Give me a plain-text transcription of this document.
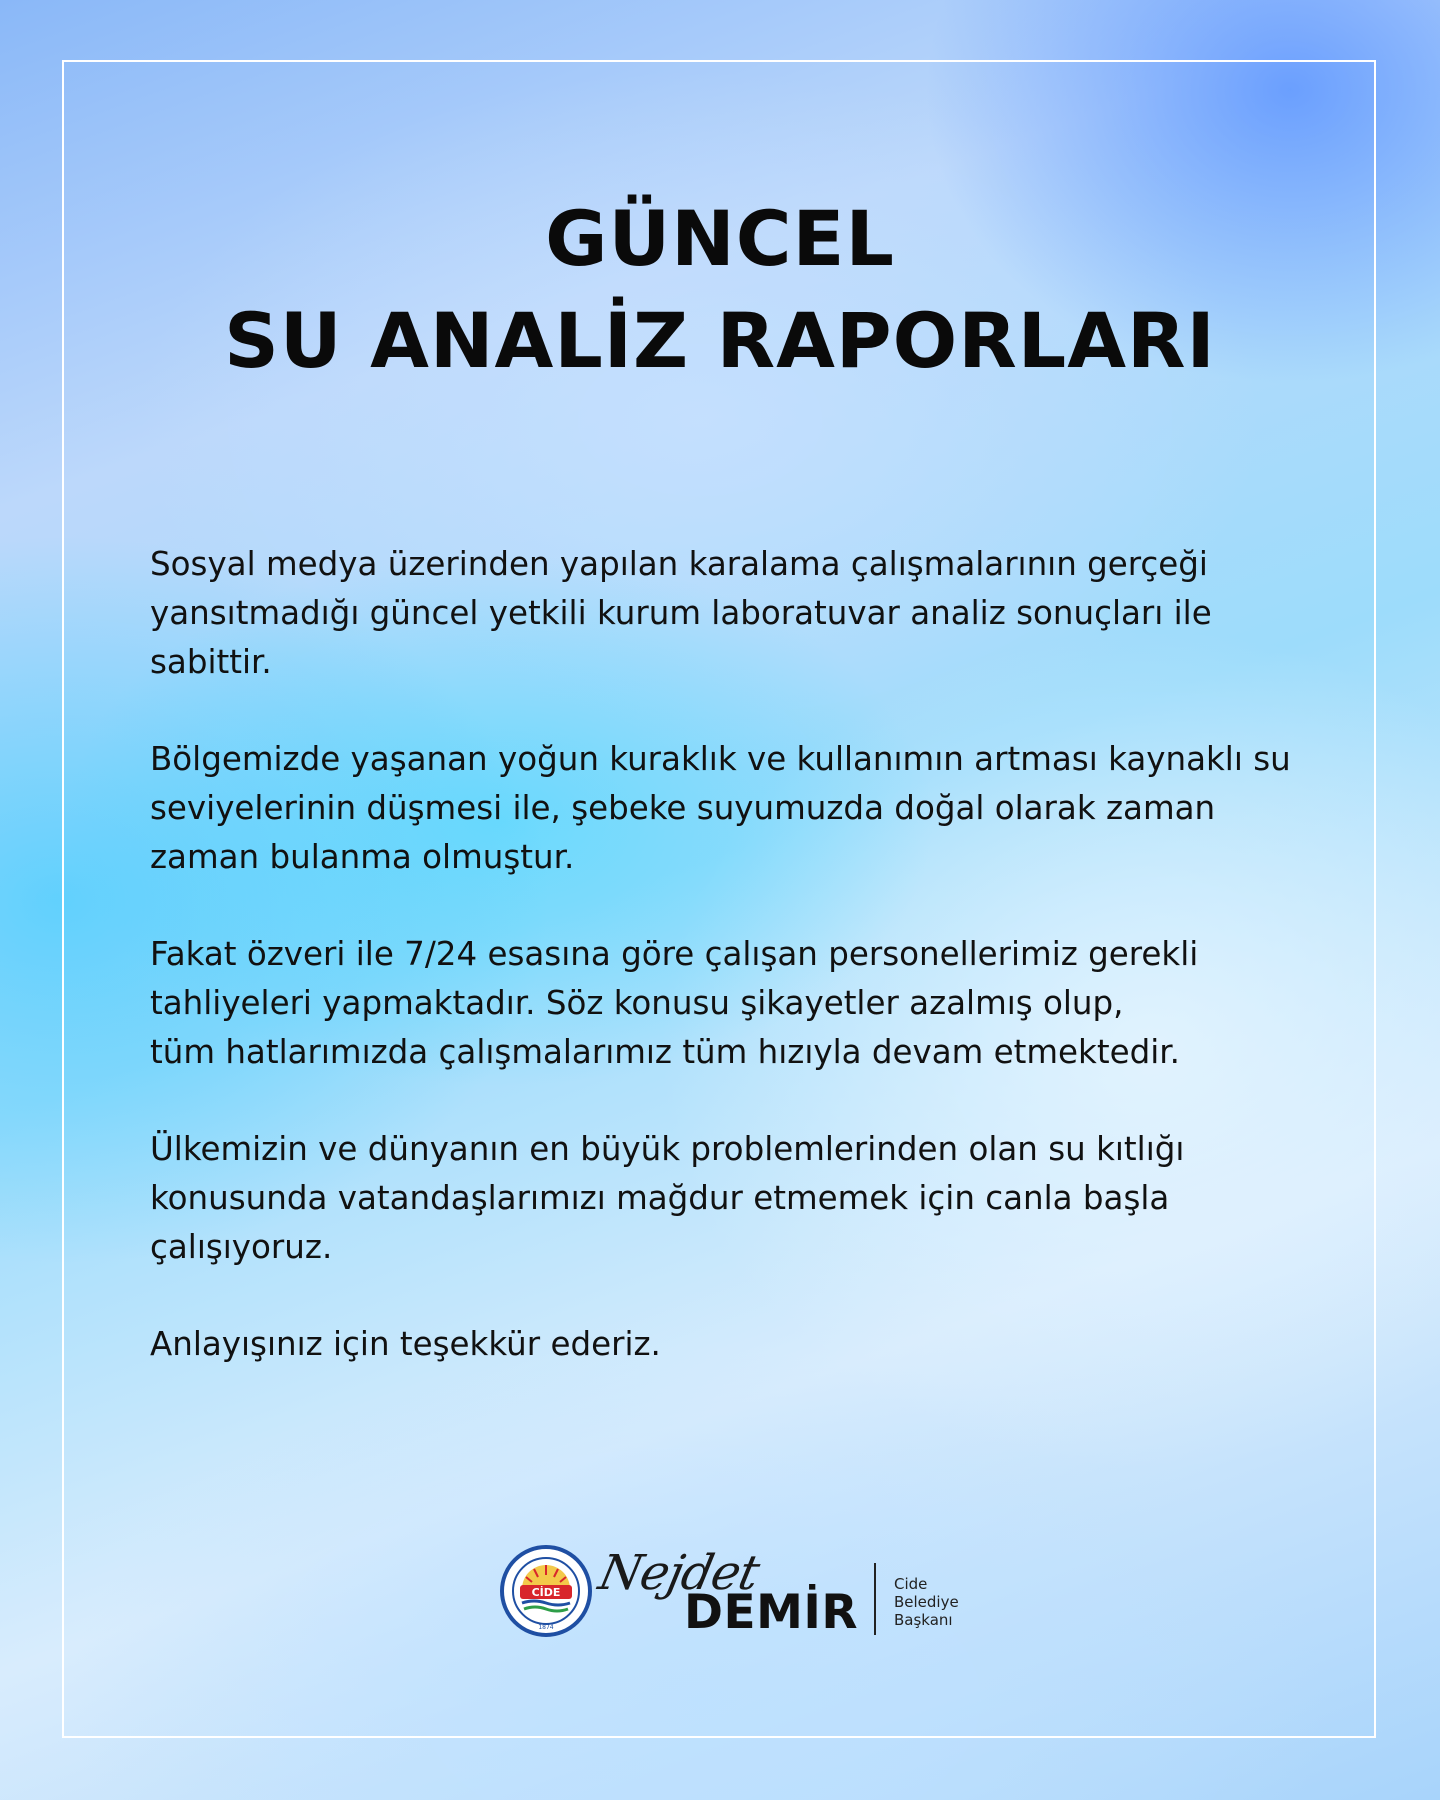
GÜNCEL
SU ANALİZ RAPORLARI

Sosyal medya üzerinden yapılan karalama çalışmalarının gerçeği
yansıtmadığı güncel yetkili kurum laboratuvar analiz sonuçları ile
sabittir.

Bölgemizde yaşanan yoğun kuraklık ve kullanımın artması kaynaklı su
seviyelerinin düşmesi ile, şebeke suyumuzda doğal olarak zaman
zaman bulanma olmuştur.

Fakat özveri ile 7/24 esasına göre çalışan personellerimiz gerekli
tahliyeleri yapmaktadır. Söz konusu şikayetler azalmış olup,
tüm hatlarımızda çalışmalarımız tüm hızıyla devam etmektedir.

Ülkemizin ve dünyanın en büyük problemlerinden olan su kıtlığı
konusunda vatandaşlarımızı mağdur etmemek için canla başla
çalışıyoruz.

Anlayışınız için teşekkür ederiz.

CİDE
1874
Nejdet
DEMİR
Cide
Belediye
Başkanı
